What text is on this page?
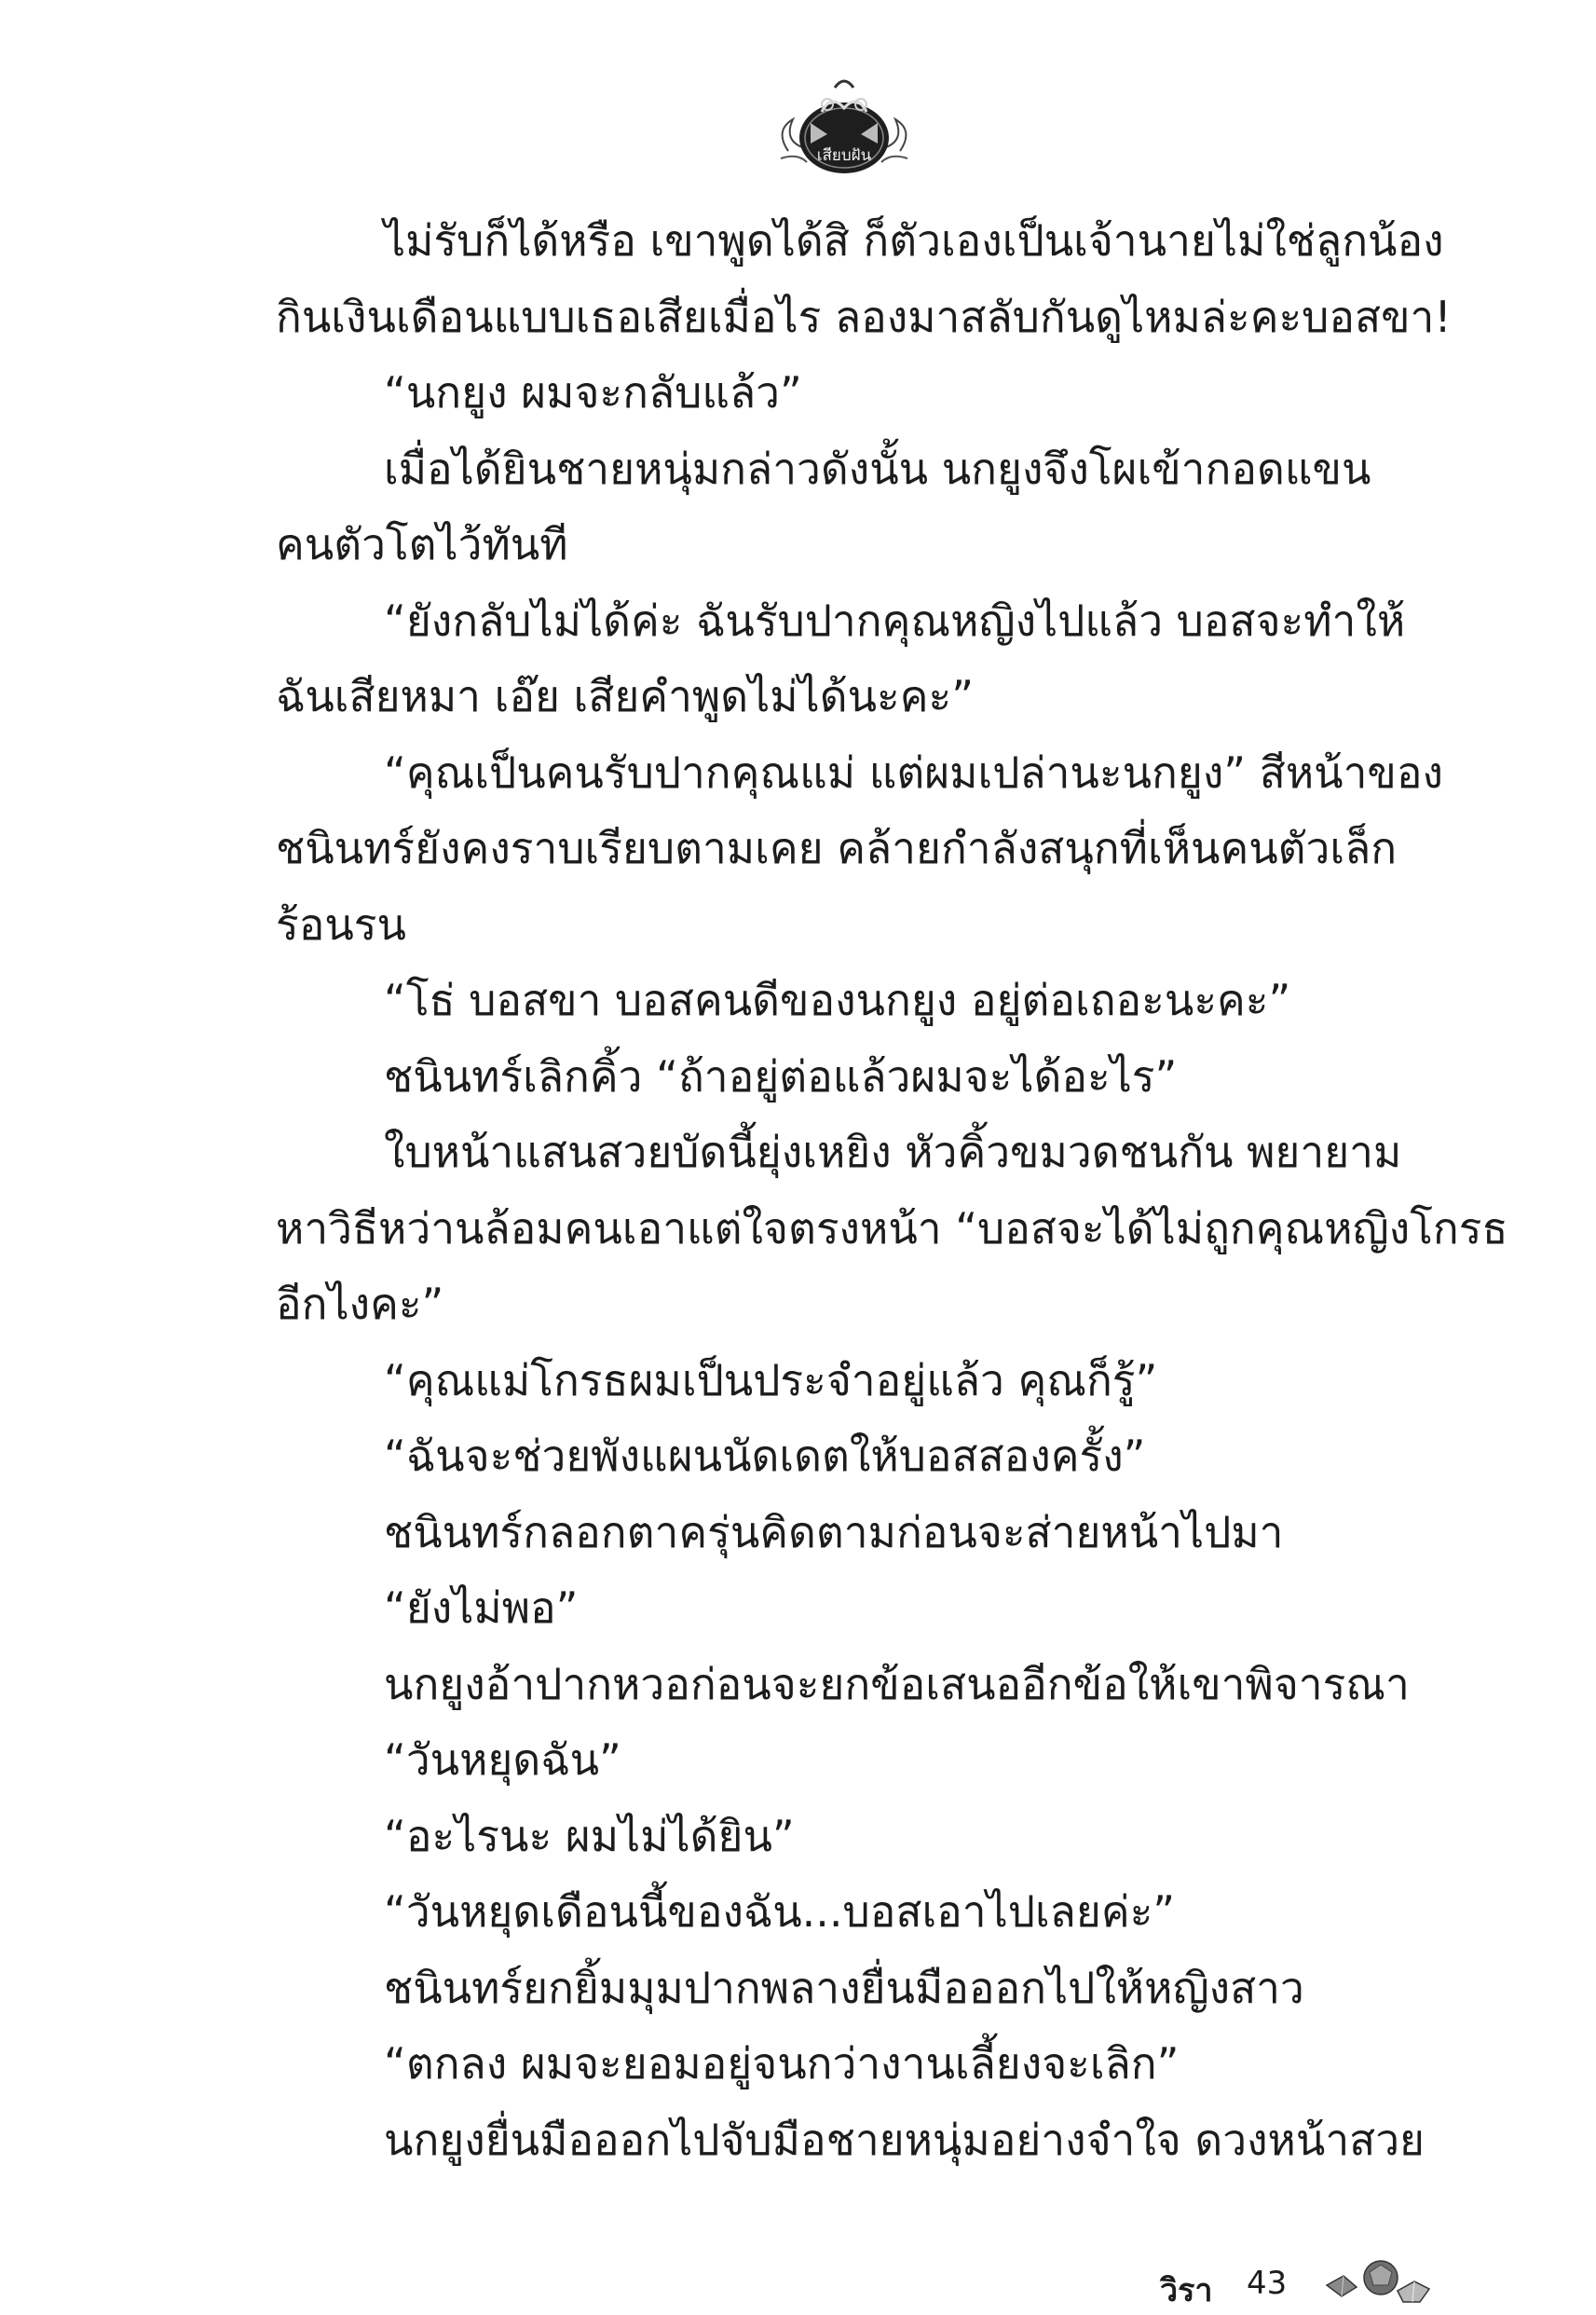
เสียบฝัน

ไม่รับก็ได้หรือ เขาพูดได้สิ ก็ตัวเองเป็นเจ้านายไม่ใช่ลูกน้อง

กินเงินเดือนแบบเธอเสียเมื่อไร ลองมาสลับกันดูไหมล่ะคะบอสขา!

“นกยูง ผมจะกลับแล้ว”

เมื่อได้ยินชายหนุ่มกล่าวดังนั้น นกยูงจึงโผเข้ากอดแขน

คนตัวโตไว้ทันที

“ยังกลับไม่ได้ค่ะ ฉันรับปากคุณหญิงไปแล้ว บอสจะทำให้

ฉันเสียหมา เอ๊ย เสียคำพูดไม่ได้นะคะ”

“คุณเป็นคนรับปากคุณแม่ แต่ผมเปล่านะนกยูง” สีหน้าของ

ชนินทร์ยังคงราบเรียบตามเคย คล้ายกำลังสนุกที่เห็นคนตัวเล็ก

ร้อนรน

“โธ่ บอสขา บอสคนดีของนกยูง อยู่ต่อเถอะนะคะ”

ชนินทร์เลิกคิ้ว “ถ้าอยู่ต่อแล้วผมจะได้อะไร”

ใบหน้าแสนสวยบัดนี้ยุ่งเหยิง หัวคิ้วขมวดชนกัน พยายาม

หาวิธีหว่านล้อมคนเอาแต่ใจตรงหน้า “บอสจะได้ไม่ถูกคุณหญิงโกรธ

อีกไงคะ”

“คุณแม่โกรธผมเป็นประจำอยู่แล้ว คุณก็รู้”

“ฉันจะช่วยพังแผนนัดเดตให้บอสสองครั้ง”

ชนินทร์กลอกตาครุ่นคิดตามก่อนจะส่ายหน้าไปมา

“ยังไม่พอ”

นกยูงอ้าปากหวอก่อนจะยกข้อเสนออีกข้อให้เขาพิจารณา

“วันหยุดฉัน”

“อะไรนะ ผมไม่ได้ยิน”

“วันหยุดเดือนนี้ของฉัน...บอสเอาไปเลยค่ะ”

ชนินทร์ยกยิ้มมุมปากพลางยื่นมือออกไปให้หญิงสาว

“ตกลง ผมจะยอมอยู่จนกว่างานเลี้ยงจะเลิก”

นกยูงยื่นมือออกไปจับมือชายหนุ่มอย่างจำใจ ดวงหน้าสวย

วิรา 43
